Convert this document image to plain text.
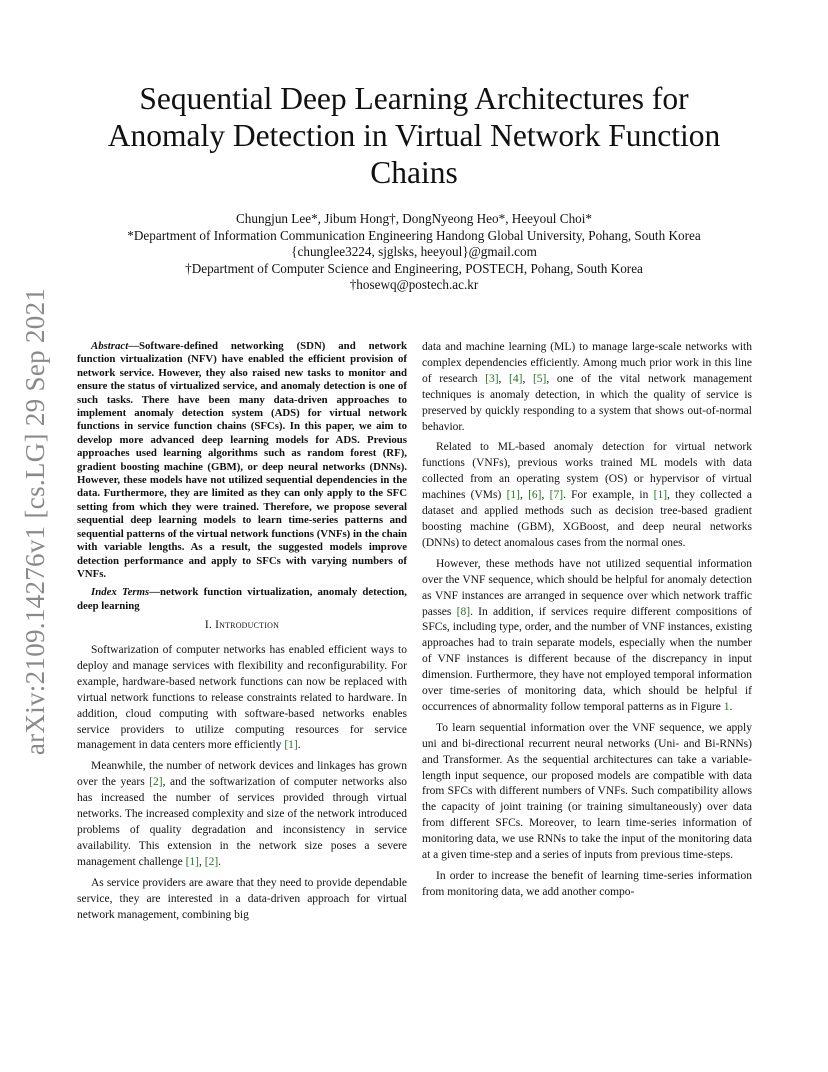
arXiv:2109.14276v1 [cs.LG] 29 Sep 2021
Sequential Deep Learning Architectures for
Anomaly Detection in Virtual Network Function
Chains
Chungjun Lee*, Jibum Hong†, DongNyeong Heo*, Heeyoul Choi*
*Department of Information Communication Engineering Handong Global University, Pohang, South Korea
{chunglee3224, sjglsks, heeyoul}@gmail.com
†Department of Computer Science and Engineering, POSTECH, Pohang, South Korea
†hosewq@postech.ac.kr

Abstract—Software-defined networking (SDN) and network function virtualization (NFV) have enabled the efficient provision of network service. However, they also raised new tasks to monitor and ensure the status of virtualized service, and anomaly detection is one of such tasks. There have been many data-driven approaches to implement anomaly detection system (ADS) for virtual network functions in service function chains (SFCs). In this paper, we aim to develop more advanced deep learning models for ADS. Previous approaches used learning algorithms such as random forest (RF), gradient boosting machine (GBM), or deep neural networks (DNNs). However, these models have not utilized sequential dependencies in the data. Furthermore, they are limited as they can only apply to the SFC setting from which they were trained. Therefore, we propose several sequential deep learning models to learn time-series patterns and sequential patterns of the virtual network functions (VNFs) in the chain with variable lengths. As a result, the suggested models improve detection performance and apply to SFCs with varying numbers of VNFs.

Index Terms—network function virtualization, anomaly detection, deep learning

I. Introduction

Softwarization of computer networks has enabled efficient ways to deploy and manage services with flexibility and reconfigurability. For example, hardware-based network functions can now be replaced with virtual network functions to release constraints related to hardware. In addition, cloud computing with software-based networks enables service providers to utilize computing resources for service management in data centers more efficiently [1].

Meanwhile, the number of network devices and linkages has grown over the years [2], and the softwarization of computer networks also has increased the number of services provided through virtual networks. The increased complexity and size of the network introduced problems of quality degradation and inconsistency in service availability. This extension in the network size poses a severe management challenge [1], [2].

As service providers are aware that they need to provide dependable service, they are interested in a data-driven approach for virtual network management, combining big

data and machine learning (ML) to manage large-scale networks with complex dependencies efficiently. Among much prior work in this line of research [3], [4], [5], one of the vital network management techniques is anomaly detection, in which the quality of service is preserved by quickly responding to a system that shows out-of-normal behavior.

Related to ML-based anomaly detection for virtual network functions (VNFs), previous works trained ML models with data collected from an operating system (OS) or hypervisor of virtual machines (VMs) [1], [6], [7]. For example, in [1], they collected a dataset and applied methods such as decision tree-based gradient boosting machine (GBM), XGBoost, and deep neural networks (DNNs) to detect anomalous cases from the normal ones.

However, these methods have not utilized sequential information over the VNF sequence, which should be helpful for anomaly detection as VNF instances are arranged in sequence over which network traffic passes [8]. In addition, if services require different compositions of SFCs, including type, order, and the number of VNF instances, existing approaches had to train separate models, especially when the number of VNF instances is different because of the discrepancy in input dimension. Furthermore, they have not employed temporal information over time-series of monitoring data, which should be helpful if occurrences of abnormality follow temporal patterns as in Figure 1.

To learn sequential information over the VNF sequence, we apply uni and bi-directional recurrent neural networks (Uni- and Bi-RNNs) and Transformer. As the sequential architectures can take a variable-length input sequence, our proposed models are compatible with data from SFCs with different numbers of VNFs. Such compatibility allows the capacity of joint training (or training simultaneously) over data from different SFCs. Moreover, to learn time-series information of monitoring data, we use RNNs to take the input of the monitoring data at a given time-step and a series of inputs from previous time-steps.

In order to increase the benefit of learning time-series information from monitoring data, we add another compo-
